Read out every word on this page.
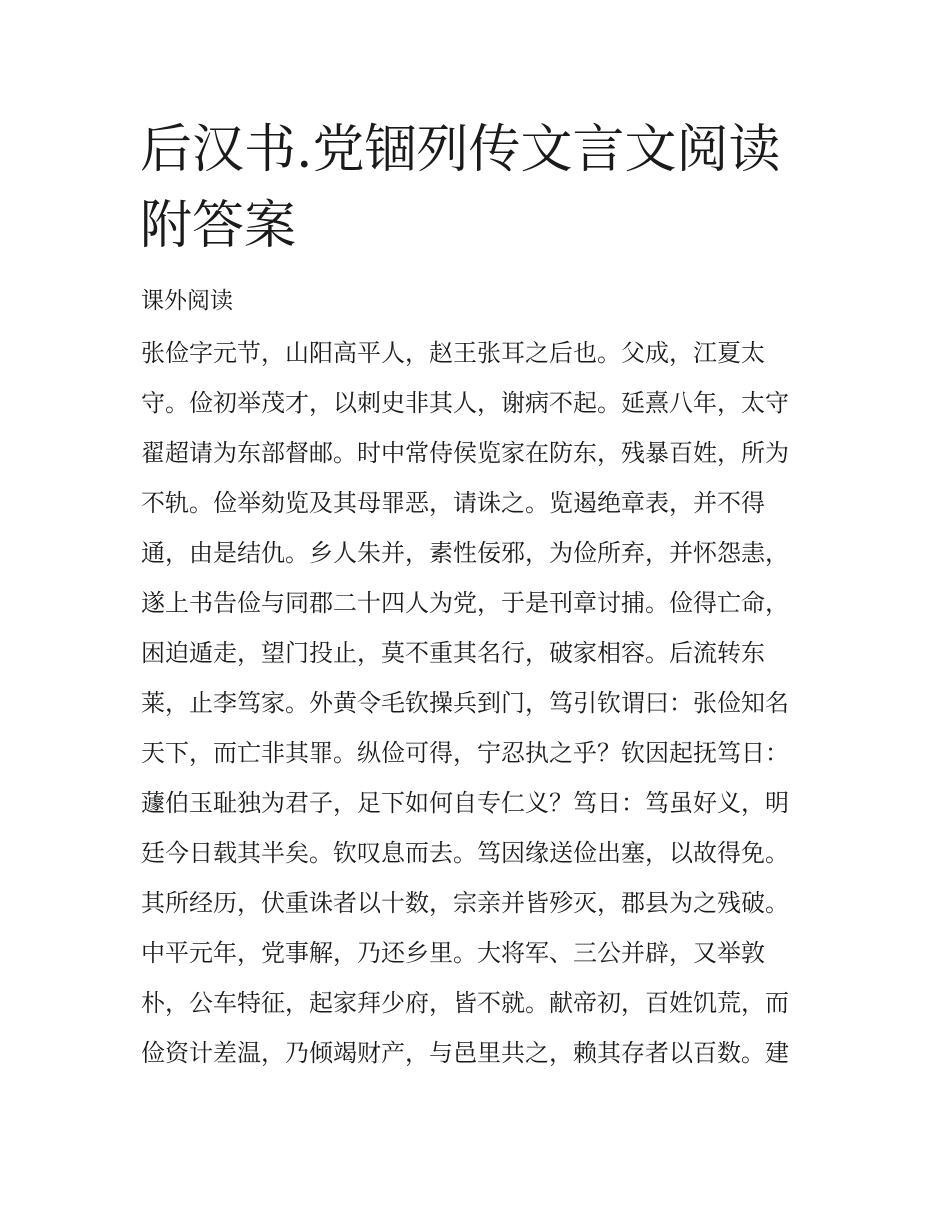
后汉书.党锢列传文言文阅读附答案

课外阅读

张俭字元节，山阳高平人，赵王张耳之后也。父成，江夏太
守。俭初举茂才，以刺史非其人，谢病不起。延熹八年，太守
翟超请为东部督邮。时中常侍侯览家在防东，残暴百姓，所为
不轨。俭举劾览及其母罪恶，请诛之。览遏绝章表，并不得
通，由是结仇。乡人朱并，素性佞邪，为俭所弃，并怀怨恚，
遂上书告俭与同郡二十四人为党，于是刊章讨捕。俭得亡命，
困迫遁走，望门投止，莫不重其名行，破家相容。后流转东
莱，止李笃家。外黄令毛钦操兵到门，笃引钦谓曰：张俭知名
天下，而亡非其罪。纵俭可得，宁忍执之乎？钦因起抚笃日：
蘧伯玉耻独为君子，足下如何自专仁义？笃日：笃虽好义，明
廷今日载其半矣。钦叹息而去。笃因缘送俭出塞，以故得免。
其所经历，伏重诛者以十数，宗亲并皆殄灭，郡县为之残破。
中平元年，党事解，乃还乡里。大将军、三公并辟，又举敦
朴，公车特征，起家拜少府，皆不就。献帝初，百姓饥荒，而
俭资计差温，乃倾竭财产，与邑里共之，赖其存者以百数。建
